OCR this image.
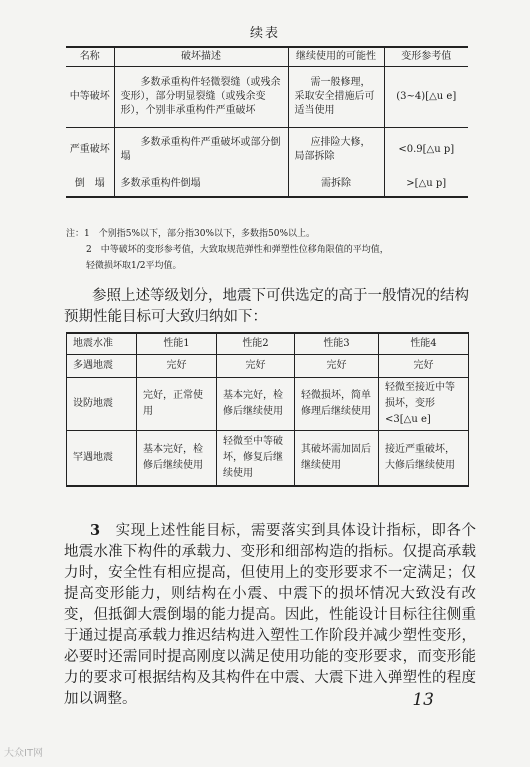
续表
名称	破坏描述	继续使用的可能性	变形参考值
中等破坏	多数承重构件轻微裂缝（或残余变形），部分明显裂缝（或残余变形），个别非承重构件严重破坏	需一般修理，采取安全措施后可适当使用	(3~4)[△u e]
严重破坏	多数承重构件严重破坏或部分倒塌	应排险大修，局部拆除	<0.9[△u p]
倒　塌	多数承重构件倒塌	需拆除	>[△u p]

注：1　个别指5%以下，部分指30%以下，多数指50%以上。

2　中等破坏的变形参考值，大致取规范弹性和弹塑性位移角限值的平均值，

轻微损坏取1/2平均值。

参照上述等级划分，地震下可供选定的高于一般情况的结构预期性能目标可大致归纳如下：
地震水准	性能1	性能2	性能3	性能4
多遇地震	完好	完好	完好	完好
设防地震	完好，正常使用	基本完好，检修后继续使用	轻微损坏，简单修理后继续使用	轻微至接近中等损坏，变形<3[△u e]
罕遇地震	基本完好，检修后继续使用	轻微至中等破坏，修复后继续使用	其破坏需加固后继续使用	接近严重破坏，大修后继续使用
3　 实现上述性能目标，需要落实到具体设计指标，即各个地震水准下构件的承载力、变形和细部构造的指标。仅提高承载力时，安全性有相应提高，但使用上的变形要求不一定满足；仅提高变形能力，则结构在小震、中震下的损坏情况大致没有改变，但抵御大震倒塌的能力提高。因此，性能设计目标往往侧重于通过提高承载力推迟结构进入塑性工作阶段并减少塑性变形，必要时还需同时提高刚度以满足使用功能的变形要求，而变形能力的要求可根据结构及其构件在中震、大震下进入弹塑性的程度加以调整。	13
大众IT网
